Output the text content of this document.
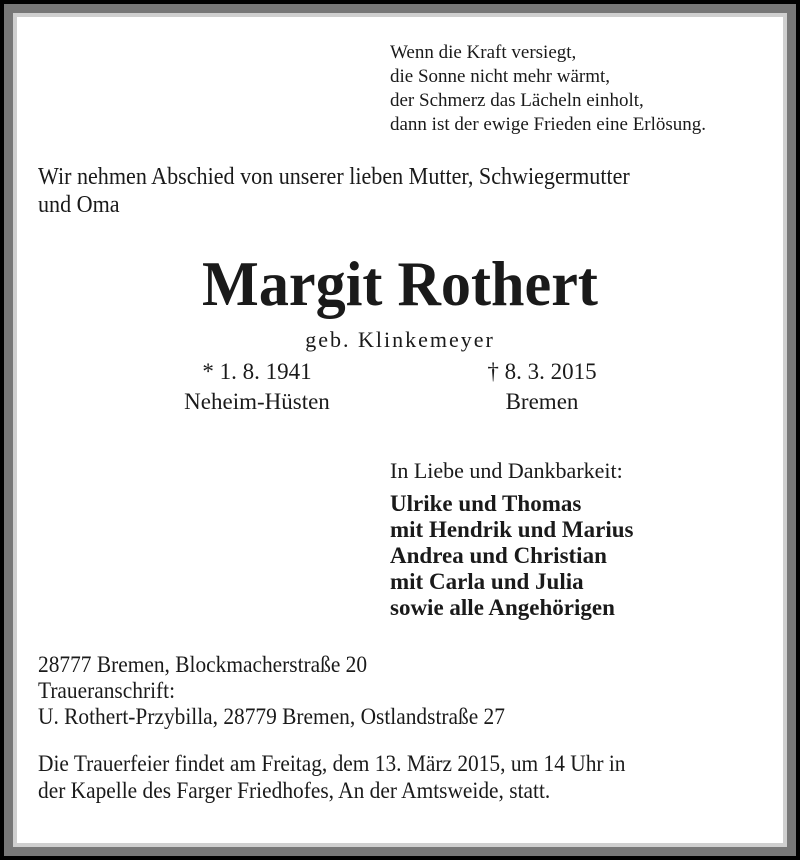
Wenn die Kraft versiegt,
die Sonne nicht mehr wärmt,
der Schmerz das Lächeln einholt,
dann ist der ewige Frieden eine Erlösung.
Wir nehmen Abschied von unserer lieben Mutter, Schwiegermutter
und Oma
Margit Rothert
geb. Klinkemeyer
* 1. 8. 1941
Neheim-Hüsten
† 8. 3. 2015
Bremen
In Liebe und Dankbarkeit:
Ulrike und Thomas
mit Hendrik und Marius
Andrea und Christian
mit Carla und Julia
sowie alle Angehörigen
28777 Bremen, Blockmacherstraße 20
Traueranschrift:
U. Rothert-Przybilla, 28779 Bremen, Ostlandstraße 27
Die Trauerfeier findet am Freitag, dem 13. März 2015, um 14 Uhr in
der Kapelle des Farger Friedhofes, An der Amtsweide, statt.
